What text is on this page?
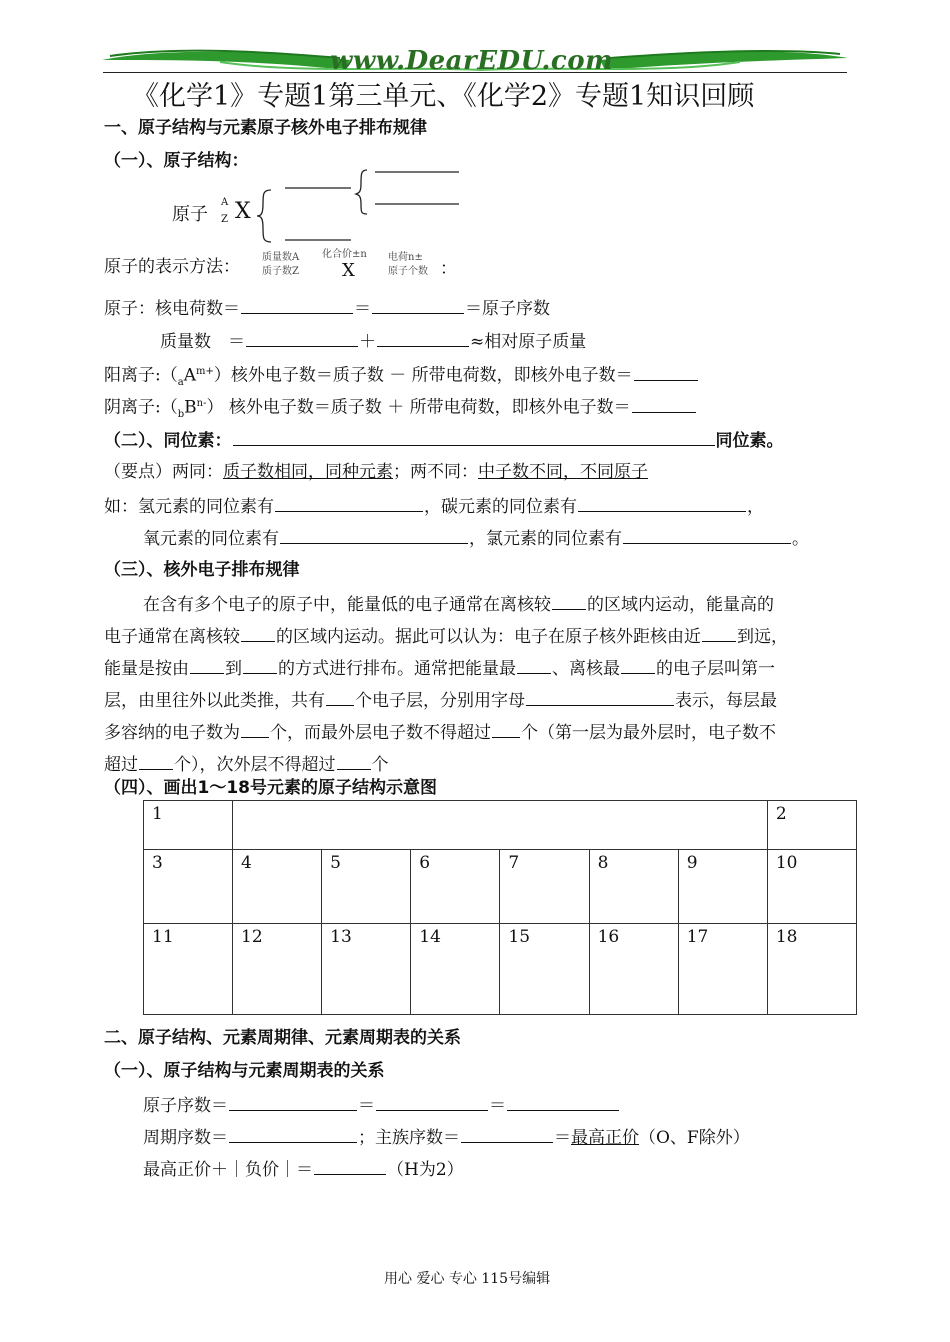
www.DearEDU.com
《化学1》专题1第三单元、《化学2》专题1知识回顾
一、原子结构与元素原子核外电子排布规律
（一）、原子结构：
原子
A
Z X
原子的表示方法： 质量数A
质子数Z
化合价±n
X
电荷n±
原子个数 ：
原子：核电荷数＝	＝	＝原子序数
质量数　＝	＋	≈相对原子质量
阳离子$:(_aA^{m+})$核外电子数＝质子数 － 所带电荷数，即核外电子数＝
阴离子$:(_bB^{n-})$ 核外电子数＝质子数 ＋ 所带电荷数，即核外电子数＝
（二）、同位素：	同位素。
（要点）两同：质子数相同，同种元素；两不同：中子数不同，不同原子
如：氢元素的同位素有	，碳元素的同位素有	，
氧元素的同位素有	，氯元素的同位素有	。
（三）、核外电子排布规律
在含有多个电子的原子中，能量低的电子通常在离核较 的区域内运动，能量高的
电子通常在离核较 的区域内运动。据此可以认为：电子在原子核外距核由近 到远，
能量是按由 到 的方式进行排布。通常把能量最 、离核最 的电子层叫第一
层，由里往外以此类推，共有 个电子层，分别用字母	表示，每层最
多容纳的电子数为 个，而最外层电子数不得超过 个（第一层为最外层时，电子数不
超过 个），次外层不得超过 个
（四）、画出1～18号元素的原子结构示意图
1							2
3	4	5	6	7	8	9	10
11	12	13	14	15	16	17	18
二、原子结构、元素周期律、元素周期表的关系
（一）、原子结构与元素周期表的关系
原子序数＝	＝	＝
周期序数＝	；主族序数＝	＝最高正价（O、F除外）
最高正价＋｜负价｜＝	（H为2）
用心 爱心 专心 115号编辑
